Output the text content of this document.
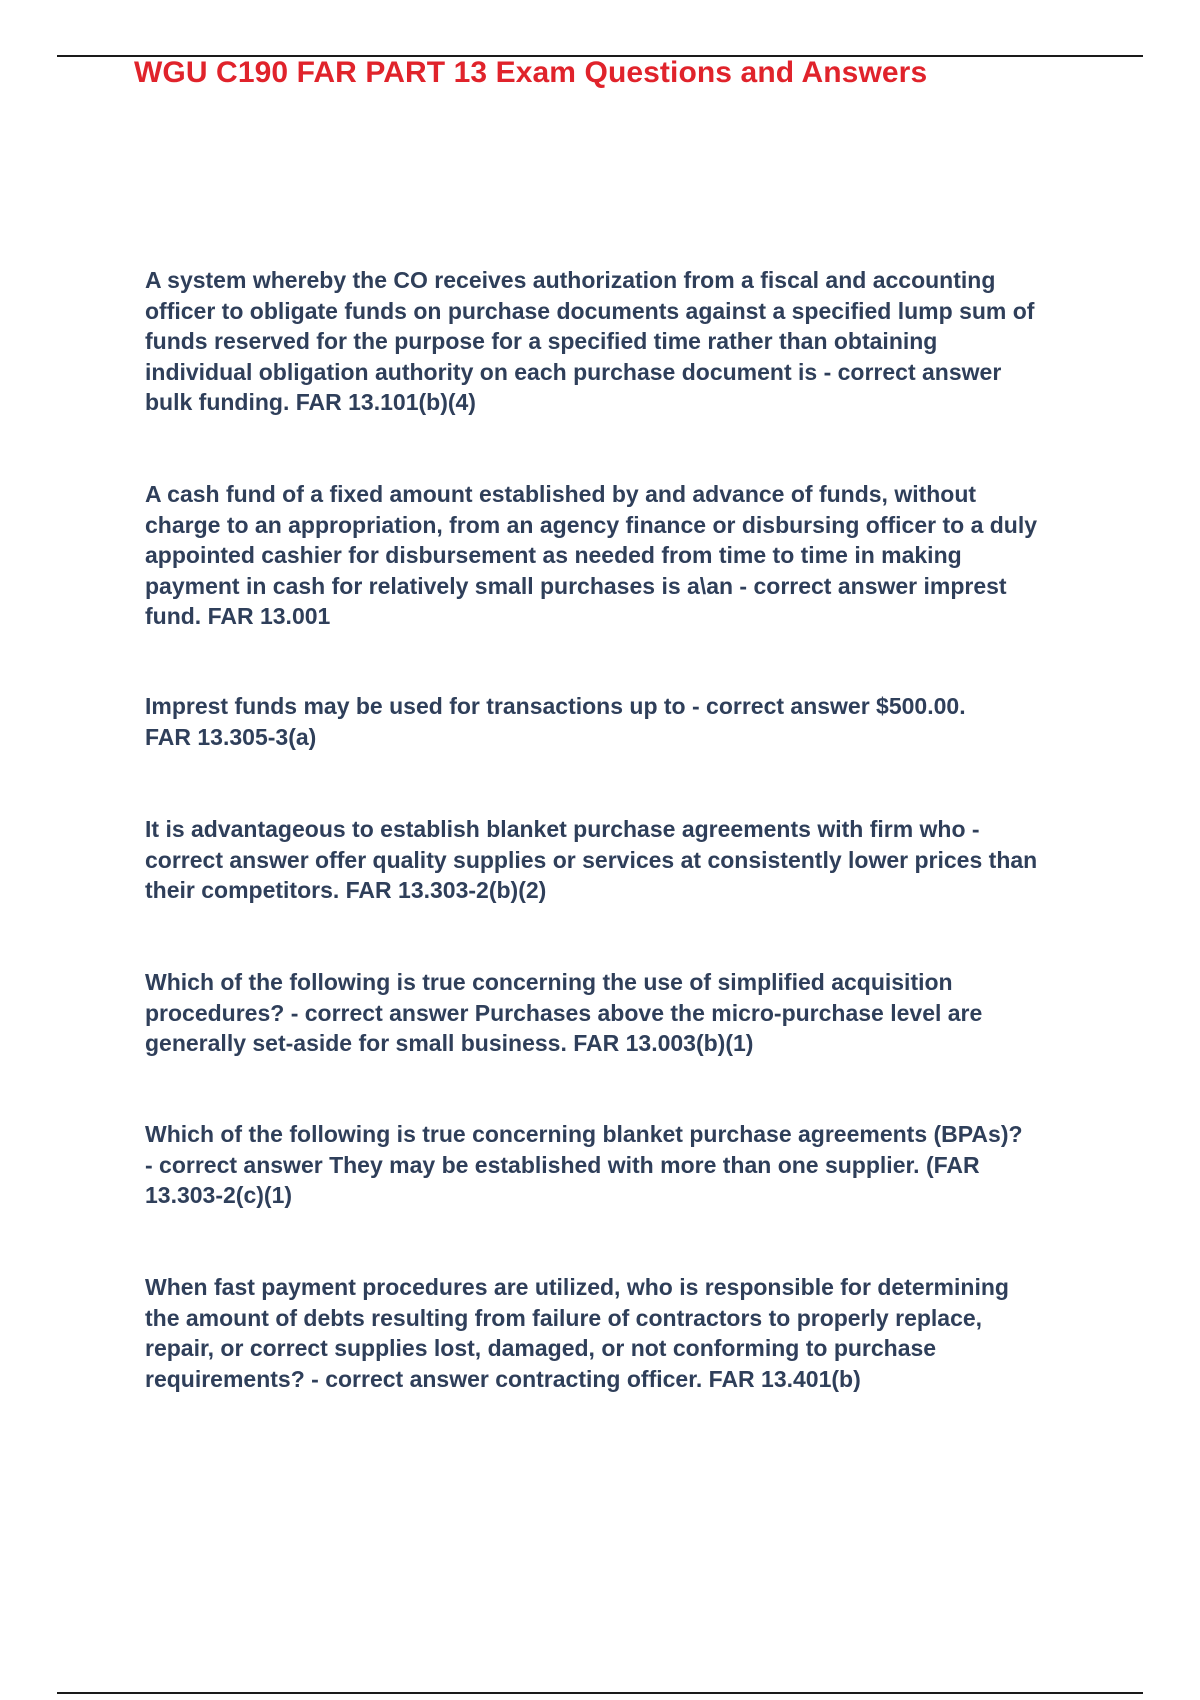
WGU C190 FAR PART 13 Exam Questions and Answers

A system whereby the CO receives authorization from a fiscal and accounting
officer to obligate funds on purchase documents against a specified lump sum of
funds reserved for the purpose for a specified time rather than obtaining
individual obligation authority on each purchase document is - correct answer
bulk funding. FAR 13.101(b)(4)

A cash fund of a fixed amount established by and advance of funds, without
charge to an appropriation, from an agency finance or disbursing officer to a duly
appointed cashier for disbursement as needed from time to time in making
payment in cash for relatively small purchases is a\an - correct answer imprest
fund. FAR 13.001

Imprest funds may be used for transactions up to - correct answer $500.00.
FAR 13.305-3(a)

It is advantageous to establish blanket purchase agreements with firm who -
correct answer offer quality supplies or services at consistently lower prices than
their competitors. FAR 13.303-2(b)(2)

Which of the following is true concerning the use of simplified acquisition
procedures? - correct answer Purchases above the micro-purchase level are
generally set-aside for small business. FAR 13.003(b)(1)

Which of the following is true concerning blanket purchase agreements (BPAs)?
- correct answer They may be established with more than one supplier. (FAR
13.303-2(c)(1)

When fast payment procedures are utilized, who is responsible for determining
the amount of debts resulting from failure of contractors to properly replace,
repair, or correct supplies lost, damaged, or not conforming to purchase
requirements? - correct answer contracting officer. FAR 13.401(b)
